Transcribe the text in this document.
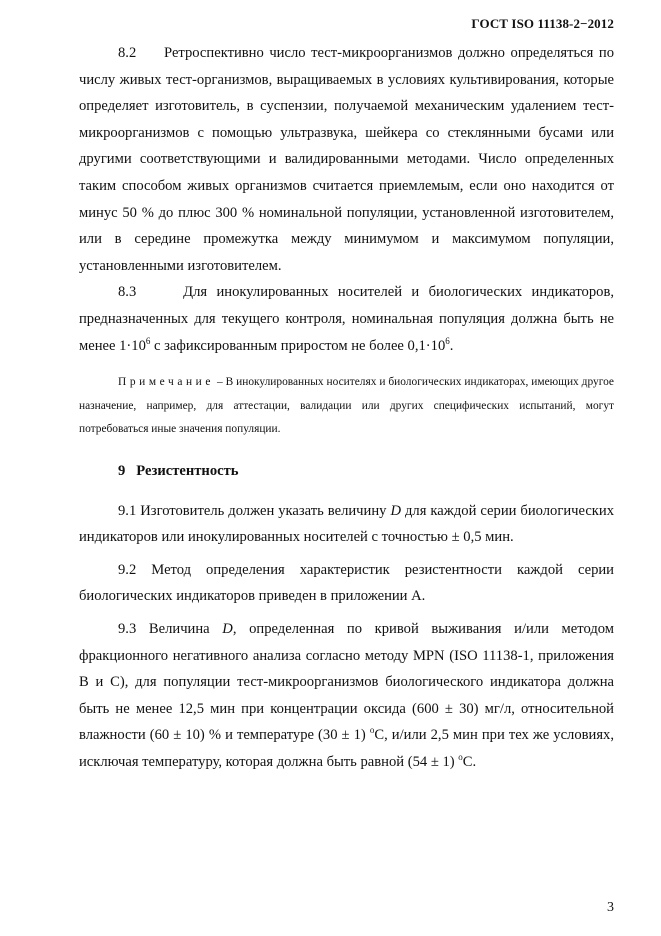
ГОСТ ISO 11138-2−2012

8.2 Ретроспективно число тест-микроорганизмов должно определяться по числу живых тест-организмов, выращиваемых в условиях культивирования, которые определяет изготовитель, в суспензии, получаемой механическим удалением тест-микроорганизмов с помощью ультразвука, шейкера со стеклянными бусами или другими соответствующими и валидированными методами. Число определенных таким способом живых организмов считается приемлемым, если оно находится от минус 50 % до плюс 300 % номинальной популяции, установленной изготовителем, или в середине промежутка между минимумом и максимумом популяции, установленными изготовителем.

8.3	Для инокулированных носителей и биологических индикаторов, предназначенных для текущего контроля, номинальная популяция должна быть не менее $1\cdot 10^6$ с зафиксированным приростом не более $0,1\cdot 10^6$.

Примечание – В инокулированных носителях и биологических индикаторах, имеющих другое назначение, например, для аттестации, валидации или других специфических испытаний, могут потребоваться иные значения популяции.

9 Резистентность

9.1 Изготовитель должен указать величину D для каждой серии биологических индикаторов или инокулированных носителей с точностью ± 0,5 мин.

9.2 Метод определения характеристик резистентности каждой серии биологических индикаторов приведен в приложении А.

9.3 Величина D, определенная по кривой выживания и/или методом фракционного негативного анализа согласно методу MPN (ISO 11138-1, приложения В и С), для популяции тест-микроорганизмов биологического индикатора должна быть не менее 12,5 мин при концентрации оксида (600 ± 30) мг/л, относительной влажности (60 ± 10) % и температуре (30 ± 1) $^o$С, и/или 2,5 мин при тех же условиях, исключая температуру, которая должна быть равной (54 ± 1) $^o$С.

3
